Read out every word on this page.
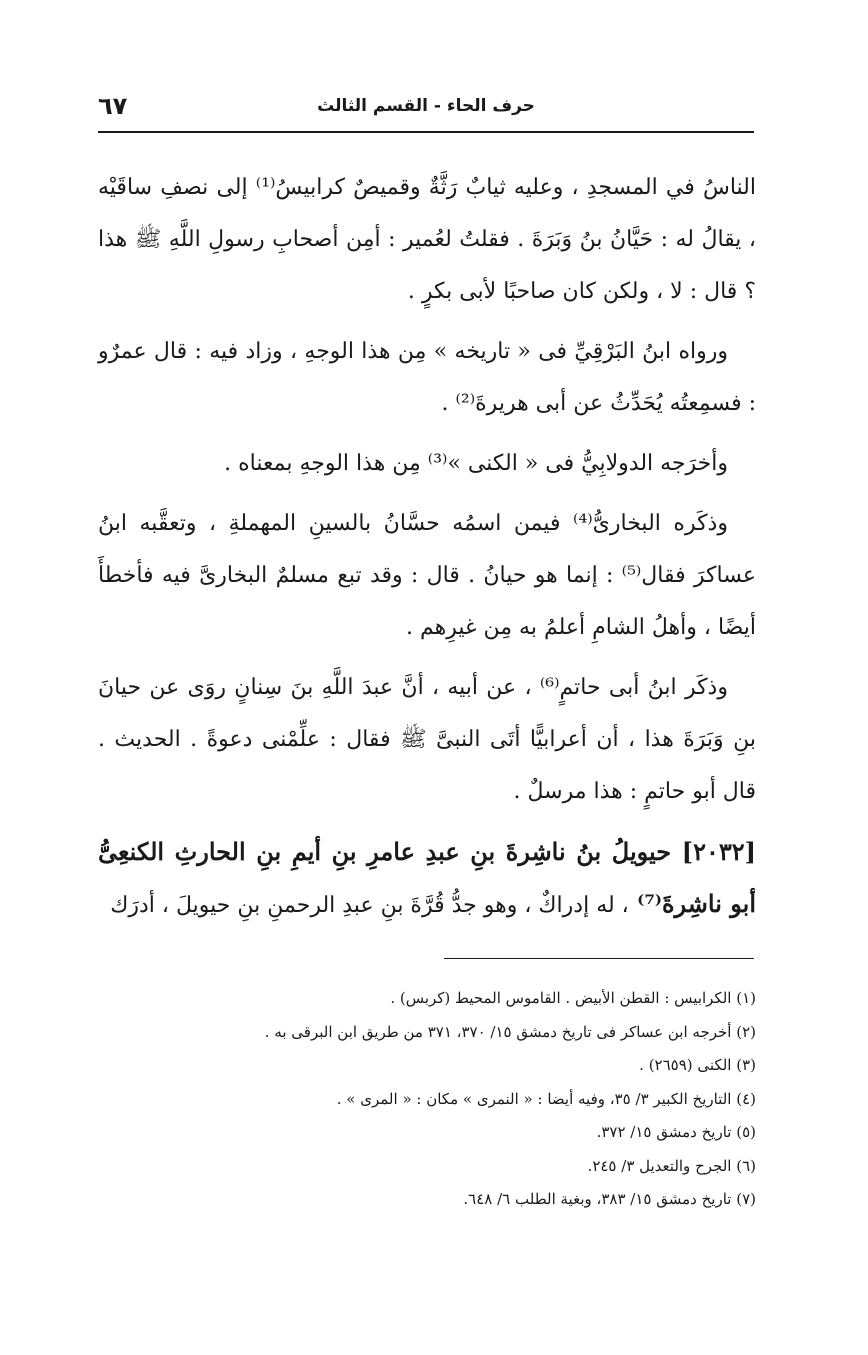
٦٧	حرف الحاء - القسم الثالث

الناسُ في المسجدِ ، وعليه ثيابٌ رَثَّةٌ وقميصٌ كرابيسُ⁽¹⁾ إلى نصفِ ساقَيْه ، يقالُ له : حَيَّانُ بنُ وَبَرَةَ . فقلتُ لعُمير : أمِن أصحابِ رسولِ اللَّهِ ﷺ هذا ؟ قال : لا ، ولكن كان صاحبًا لأبى بكرٍ .

ورواه ابنُ البَرْقِيِّ فى « تاريخه » مِن هذا الوجهِ ، وزاد فيه : قال عمرٌو : فسمِعتُه يُحَدِّثُ عن أبى هريرةَ⁽²⁾ .

وأخرَجه الدولابِيُّ فى « الكنى »⁽³⁾ مِن هذا الوجهِ بمعناه .

وذكَره البخارىُّ⁽⁴⁾ فيمن اسمُه حسَّانُ بالسينِ المهملةِ ، وتعقَّبه ابنُ عساكرَ فقال⁽⁵⁾ : إنما هو حيانُ . قال : وقد تبع مسلمٌ البخارىَّ فيه فأخطأَ أيضًا ، وأهلُ الشامِ أعلمُ به مِن غيرِهم .

وذكَر ابنُ أبى حاتمٍ⁽⁶⁾ ، عن أبيه ، أنَّ عبدَ اللَّهِ بنَ سِنانٍ روَى عن حيانَ بنِ وَبَرَةَ هذا ، أن أعرابيًّا أتَى النبىَّ ﷺ فقال : علِّمْنى دعوةً . الحديث . قال أبو حاتمٍ : هذا مرسلٌ .

[٢٠٣٢] حيويلُ بنُ ناشِرةَ بنِ عبدِ عامرِ بنِ أيمِ بنِ الحارثِ الكنعِىُّ أبو ناشِرةَ⁽⁷⁾ ، له إدراكٌ ، وهو جدُّ قُرَّةَ بنِ عبدِ الرحمنِ بنِ حيويلَ ، أدرَك

(١) الكرابيس : القطن الأبيض . القاموس المحيط (كربس) .
(٢) أخرجه ابن عساكر فى تاريخ دمشق ١٥/ ٣٧٠، ٣٧١ من طريق ابن البرقى به .
(٣) الكنى (٢٦٥٩) .
(٤) التاريخ الكبير ٣/ ٣٥، وفيه أيضا : « النمرى » مكان : « المرى » .
(٥) تاريخ دمشق ١٥/ ٣٧٢.
(٦) الجرح والتعديل ٣/ ٢٤٥.
(٧) تاريخ دمشق ١٥/ ٣٨٣، وبغية الطلب ٦/ ٦٤٨.
